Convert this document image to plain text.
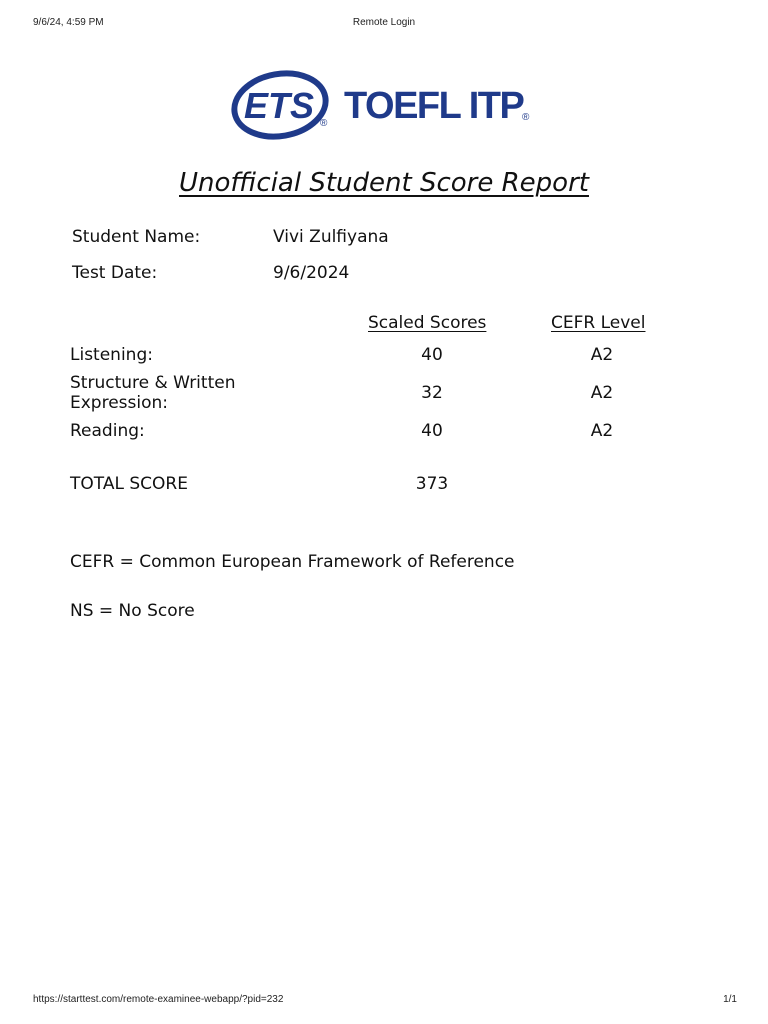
9/6/24, 4:59 PM	Remote Login
ETS ® TOEFL ITP
®
Unofficial Student Score Report
Student Name:	Vivi Zulfiyana
Test Date:	9/6/2024
Scaled Scores	CEFR Level
Listening:	40	A2
Structure & Written
Expression:	32	A2
Reading:	40	A2
TOTAL SCORE	373
CEFR = Common European Framework of Reference
NS = No Score
https://starttest.com/remote-examinee-webapp/?pid=232	1/1
